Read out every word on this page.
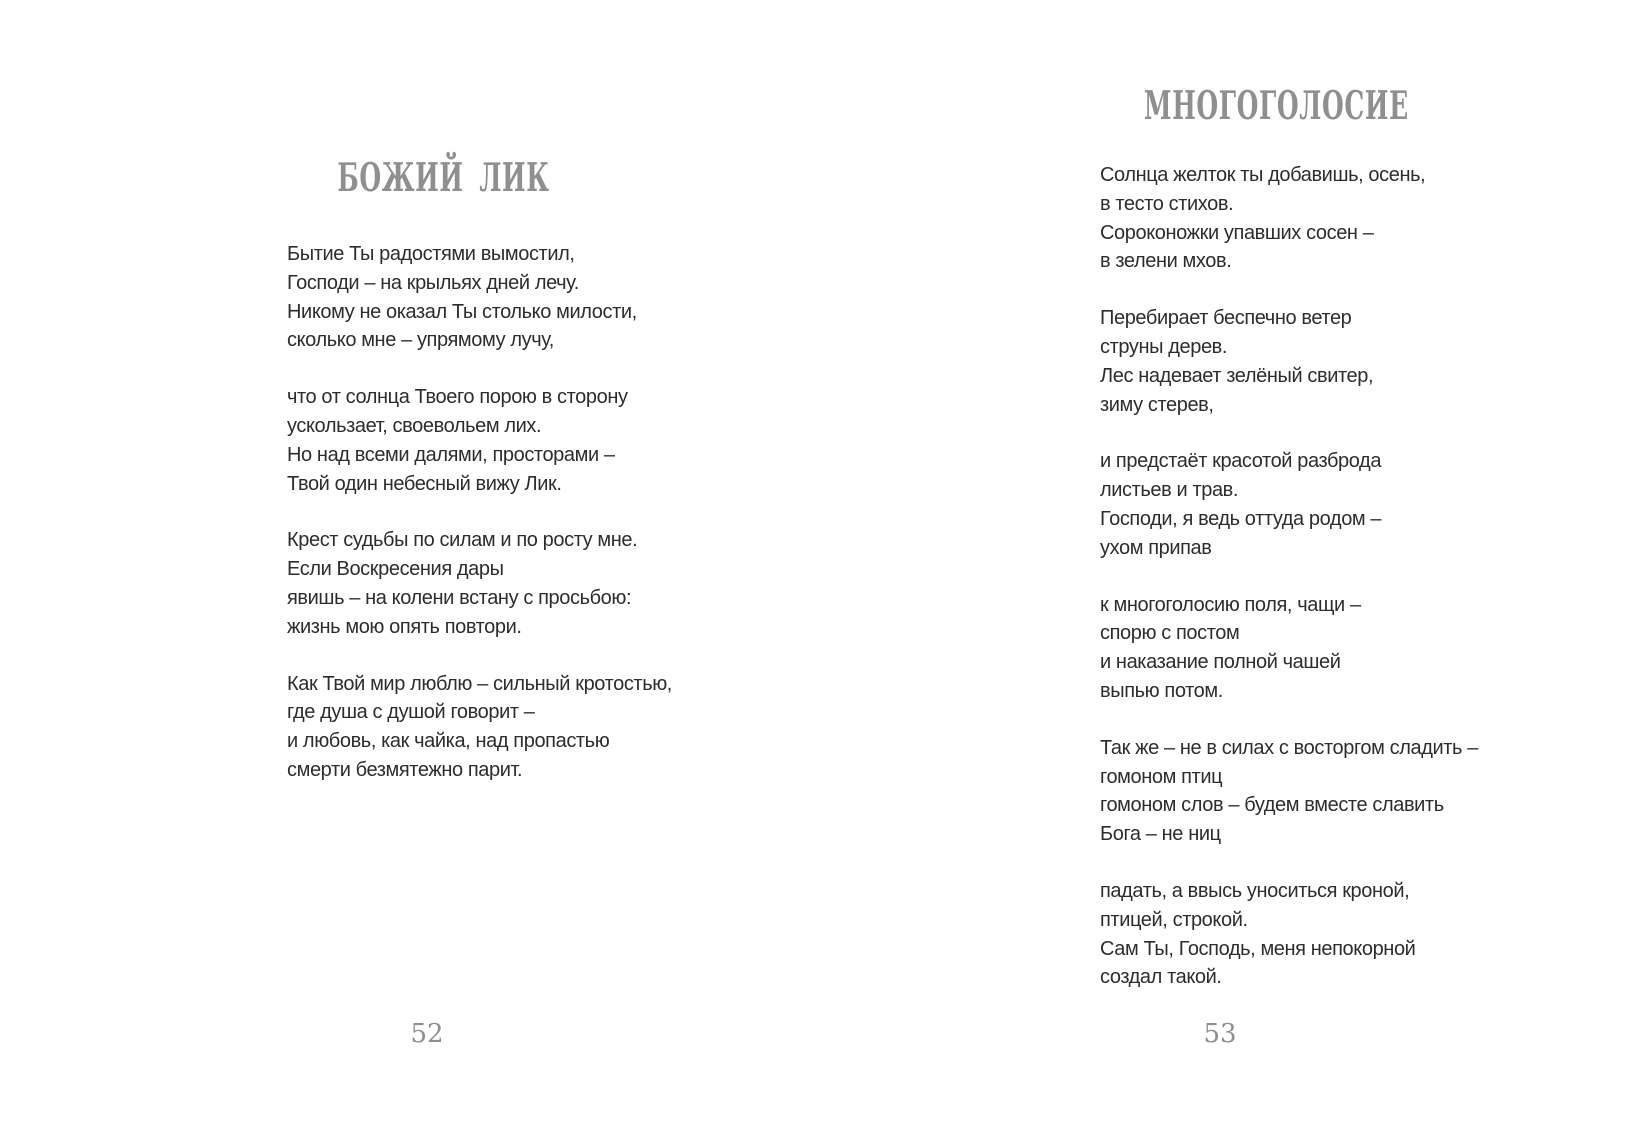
БОЖИЙ ЛИК
Бытие Ты радостями вымостил,
Господи – на крыльях дней лечу.
Никому не оказал Ты столько милости,
сколько мне – упрямому лучу,
что от солнца Твоего порою в сторону
ускользает, своевольем лих.
Но над всеми далями, просторами –
Твой один небесный вижу Лик.
Крест судьбы по силам и по росту мне.
Если Воскресения дары
явишь – на колени встану с просьбою:
жизнь мою опять повтори.
Как Твой мир люблю – сильный кротостью,
где душа с душой говорит –
и любовь, как чайка, над пропастью
смерти безмятежно парит.
52
МНОГОГОЛОСИЕ
Солнца желток ты добавишь, осень,
в тесто стихов.
Сороконожки упавших сосен –
в зелени мхов.
Перебирает беспечно ветер
струны дерев.
Лес надевает зелёный свитер,
зиму стерев,
и предстаёт красотой разброда
листьев и трав.
Господи, я ведь оттуда родом –
ухом припав
к многоголосию поля, чащи –
спорю с постом
и наказание полной чашей
выпью потом.
Так же – не в силах с восторгом сладить –
гомоном птиц
гомоном слов – будем вместе славить
Бога – не ниц
падать, а ввысь уноситься кроной,
птицей, строкой.
Сам Ты, Господь, меня непокорной
создал такой.
53
